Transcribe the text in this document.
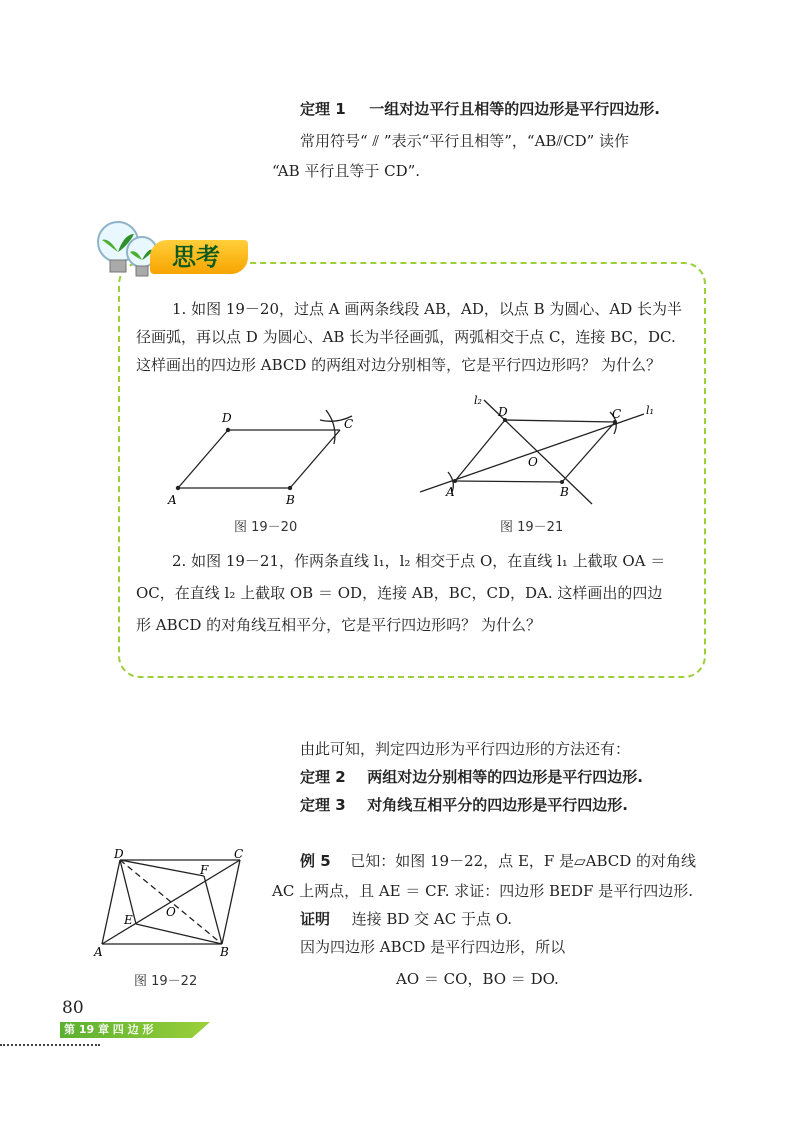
定理 1 一组对边平行且相等的四边形是平行四边形.
常用符号“ ⫽ ”表示“平行且相等”，“AB⫽CD” 读作
“AB 平行且等于 CD”.
思考
1. 如图 19－20，过点 A 画两条线段 AB，AD，以点 B 为圆心、AD 长为半
径画弧，再以点 D 为圆心、AB 长为半径画弧，两弧相交于点 C，连接 BC，DC.
这样画出的四边形 ABCD 的两组对边分别相等，它是平行四边形吗？ 为什么？
A	B
C
D
图 19－20
A	B
C
D
O
l₁
l₂
图 19－21
2. 如图 19－21，作两条直线 l₁，l₂ 相交于点 O，在直线 l₁ 上截取 OA ＝
OC，在直线 l₂ 上截取 OB ＝ OD，连接 AB，BC，CD，DA. 这样画出的四边
形 ABCD 的对角线互相平分，它是平行四边形吗？ 为什么？
由此可知，判定四边形为平行四边形的方法还有：
定理 2 两组对边分别相等的四边形是平行四边形.
定理 3 对角线互相平分的四边形是平行四边形.
A	B
C
D
E
F
O
图 19－22
例 5 已知：如图 19－22，点 E，F 是▱ABCD 的对角线
AC 上两点，且 AE ＝ CF. 求证：四边形 BEDF 是平行四边形.
证明 连接 BD 交 AC 于点 O.
因为四边形 ABCD 是平行四边形，所以
AO ＝ CO，BO ＝ DO.
80
第 19 章 四 边 形
